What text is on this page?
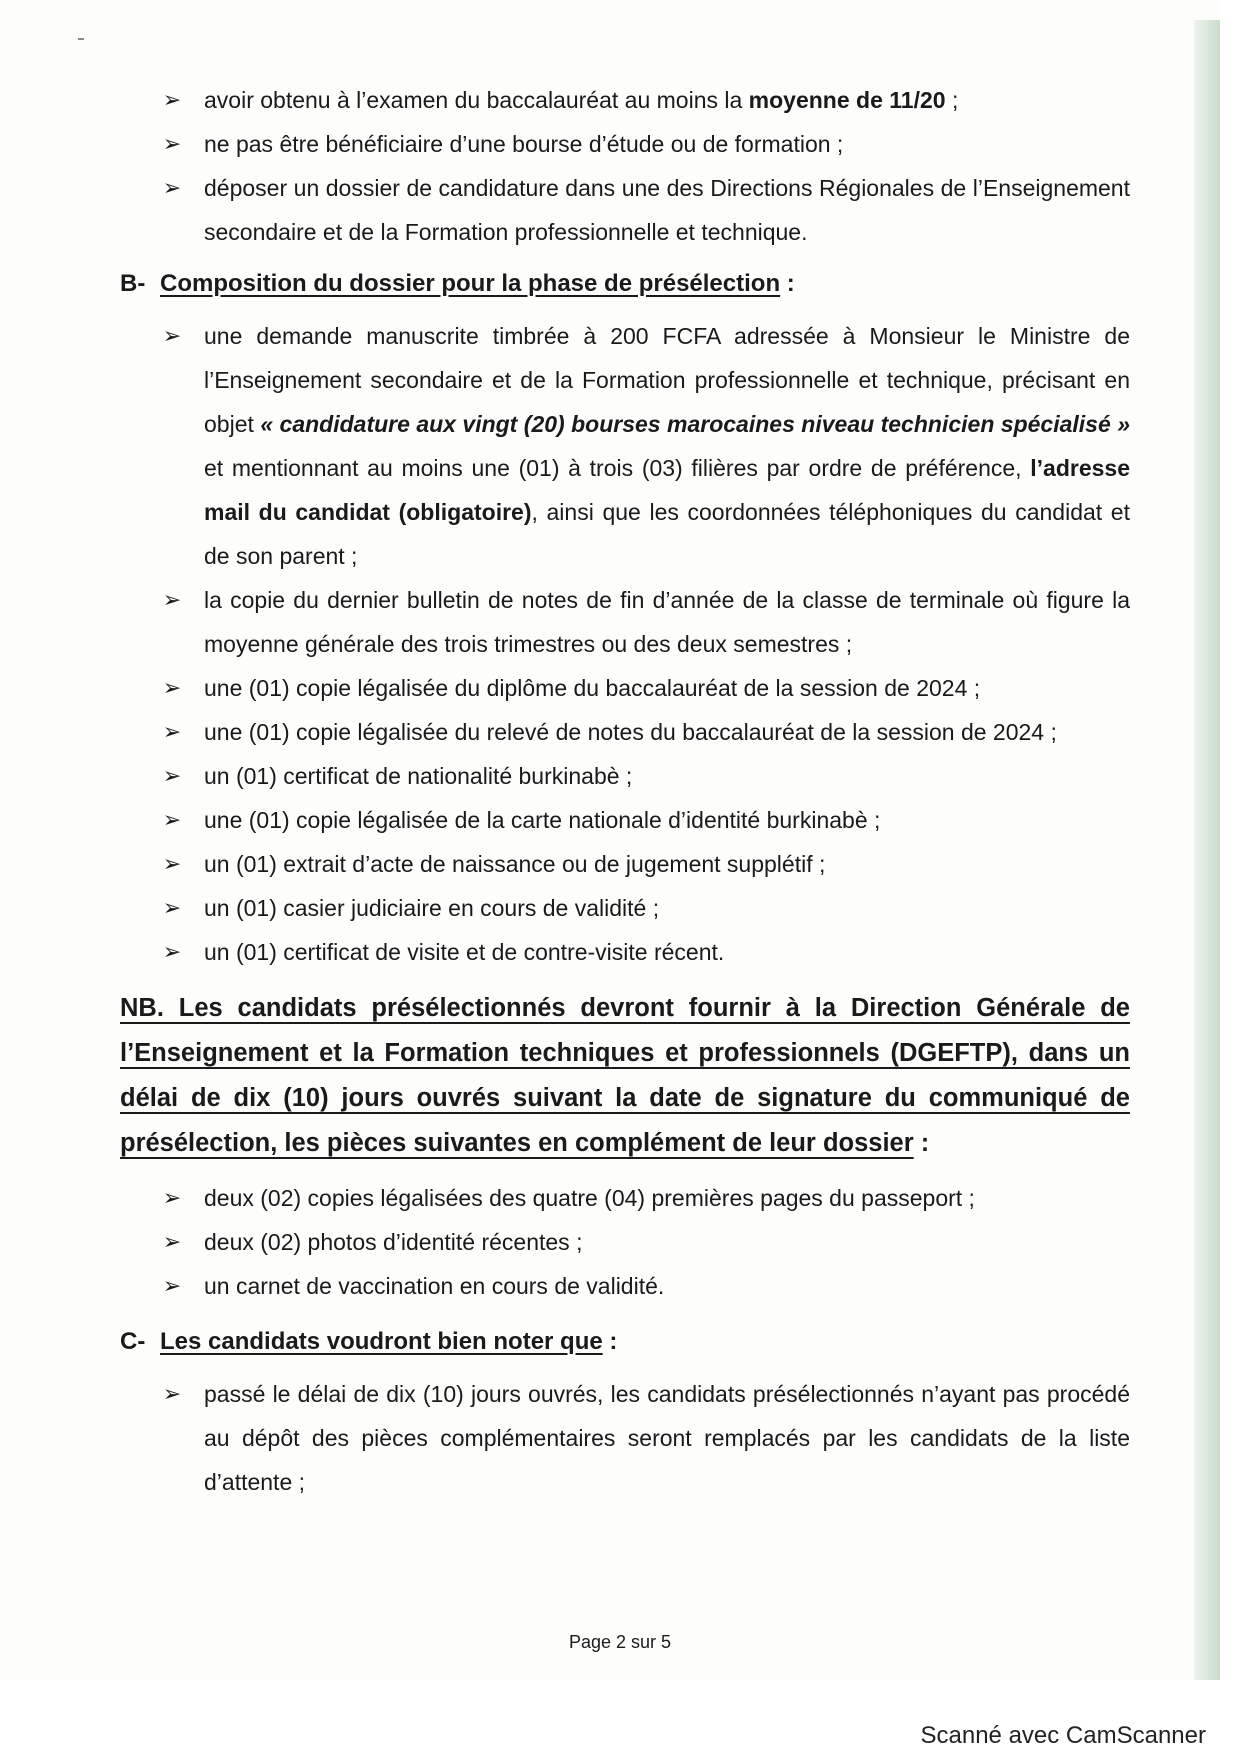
➢ avoir obtenu à l’examen du baccalauréat au moins la moyenne de 11/20 ;
➢ ne pas être bénéficiaire d’une bourse d’étude ou de formation ;
➢ déposer un dossier de candidature dans une des Directions Régionales de l’Enseignement secondaire et de la Formation professionnelle et technique.
B- Composition du dossier pour la phase de présélection :
➢ une demande manuscrite timbrée à 200 FCFA adressée à Monsieur le Ministre de l’Enseignement secondaire et de la Formation professionnelle et technique, précisant en objet « candidature aux vingt (20) bourses marocaines niveau technicien spécialisé » et mentionnant au moins une (01) à trois (03) filières par ordre de préférence, l’adresse mail du candidat (obligatoire), ainsi que les coordonnées téléphoniques du candidat et de son parent ;
➢ la copie du dernier bulletin de notes de fin d’année de la classe de terminale où figure la moyenne générale des trois trimestres ou des deux semestres ;
➢ une (01) copie légalisée du diplôme du baccalauréat de la session de 2024 ;
➢ une (01) copie légalisée du relevé de notes du baccalauréat de la session de 2024 ;
➢ un (01) certificat de nationalité burkinabè ;
➢ une (01) copie légalisée de la carte nationale d’identité burkinabè ;
➢ un (01) extrait d’acte de naissance ou de jugement supplétif ;
➢ un (01) casier judiciaire en cours de validité ;
➢ un (01) certificat de visite et de contre-visite récent.
NB. Les candidats présélectionnés devront fournir à la Direction Générale de l’Enseignement et la Formation techniques et professionnels (DGEFTP), dans un délai de dix (10) jours ouvrés suivant la date de signature du communiqué de présélection, les pièces suivantes en complément de leur dossier :
➢ deux (02) copies légalisées des quatre (04) premières pages du passeport ;
➢ deux (02) photos d’identité récentes ;
➢ un carnet de vaccination en cours de validité.
C- Les candidats voudront bien noter que :
➢ passé le délai de dix (10) jours ouvrés, les candidats présélectionnés n’ayant pas procédé au dépôt des pièces complémentaires seront remplacés par les candidats de la liste d’attente ;
Page 2 sur 5
Scanné avec CamScanner
